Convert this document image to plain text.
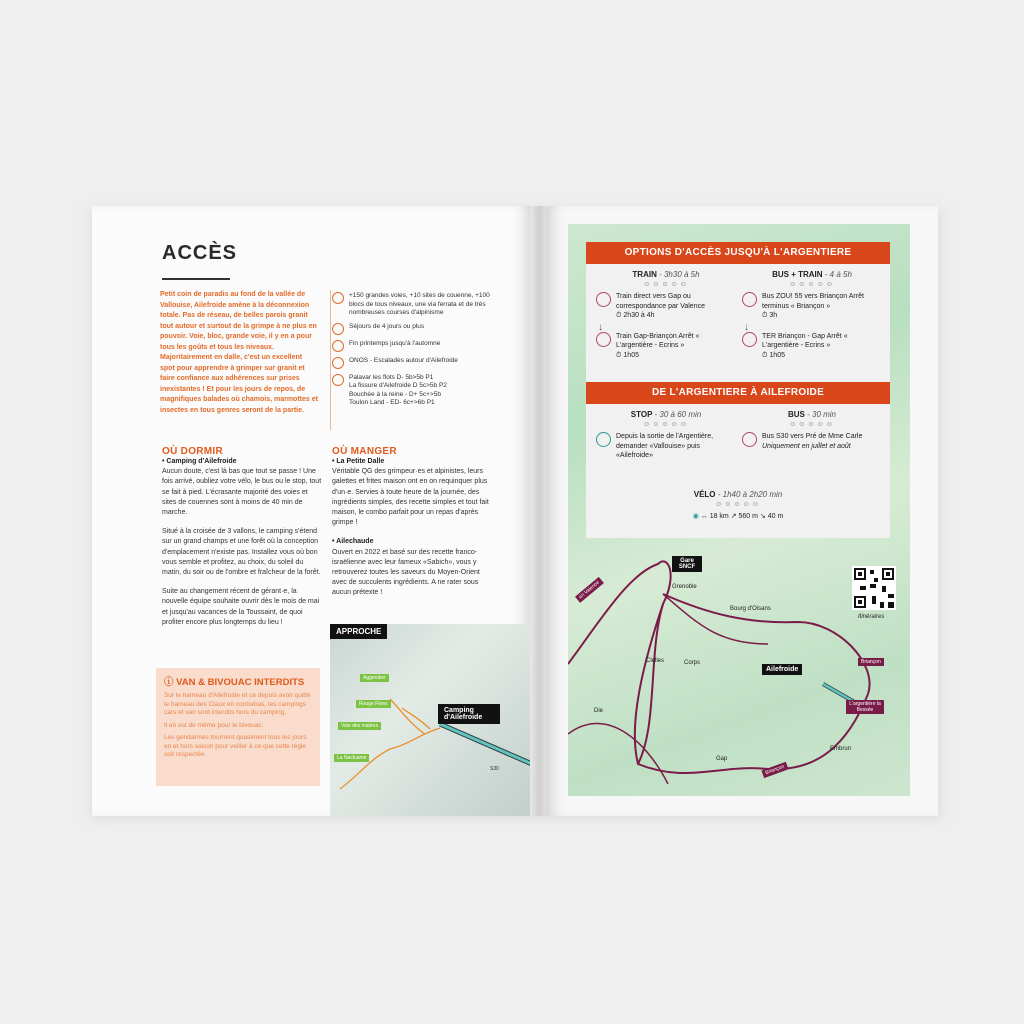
ACCÈS
Petit coin de paradis au fond de la vallée de Vallouise, Ailefroide amène à la déconnexion totale. Pas de réseau, de belles parois granit tout autour et surtout de la grimpe à ne plus en pouvoir. Voie, bloc, grande voie, il y en a pour tous les goûts et tous les niveaux. Majoritairement en dalle, c'est un excellent spot pour apprendre à grimper sur granit et faire confiance aux adhérences sur prises inexistantes ! Et pour les jours de repos, de magnifiques balades où chamois, marmottes et insectes en tous genres seront de la partie.
+150 grandes voies, +10 sites de couenne, +100 blocs de tous niveaux, une via ferrata et de très nombreuses courses d'alpinisme
Séjours de 4 jours ou plus
Fin printemps jusqu'à l'automne
ONOS - Escalades autour d'Ailefroide
Palavar les flots D- 5b>5b P1
La fissure d'Ailefroide D 5c>5b P2
Bouchée à la reine - D+ 5c+>5b
Toulon Land - ED- 6c+>6b P1
OÙ DORMIR
• Camping d'Ailefroide
Aucun doute, c'est là bas que tout se passe ! Une fois arrivé, oubliez votre vélo, le bus ou le stop, tout se fait à pied. L'écrasante majorité des voies et sites de couennes sont à moins de 40 min de marche.
Situé à la croisée de 3 vallons, le camping s'étend sur un grand champs et une forêt où la conception d'emplacement n'existe pas. Installez vous où bon vous semble et profitez, au choix, du soleil du matin, du soir ou de l'ombre et fraîcheur de la forêt.
Suite au changement récent de gérant·e, la nouvelle équipe souhaite ouvrir dès le mois de mai et jusqu'au vacances de la Toussaint, de quoi profiter encore plus longtemps du lieu !
OÙ MANGER
• La Petite Dalle
Véritable QG des grimpeur·es et alpinistes, leurs galettes et frites maison ont en on requinquer plus d'un·e. Servies à toute heure de la journée, des ingrédients simples, des recette simples et tout fait maison, le combo parfait pour un repas d'après grimpe !
• Ailechaude
Ouvert en 2022 et basé sur des recette franco-israëlienne avec leur fameux «Sabich», vous y retrouverez toutes les saveurs du Moyen-Orient avec de succulents ingrédients. A ne rater sous aucun prétexte !
ⓘ VAN & BIVOUAC INTERDITS
Sur le hameau d'Ailefroide et ce depuis avoir quitté le hameau des Claux en contrebas, les campings cars et van sont interdits hors du camping.
Il en est de même pour le bivouac.
Les gendarmes tournent quasiment tous les jours en et hors saison pour veiller à ce que cette règle soit respectée.
APPROCHE
Camping d'Ailefroide
Aggeniber
Rouge Rives
Voie des maitres
La Nacluame
S30
OPTIONS D'ACCÈS JUSQU'À L'ARGENTIERE
TRAIN - 3h30 à 5h
☺☺☺☺☺
Train direct vers Gap ou correspondance par Valence
⏱ 2h30 à 4h
↓
Train Gap-Briançon Arrêt « L'argentière - Ecrins »
⏱ 1h05
BUS + TRAIN - 4 à 5h
☺☺☺☺☺
Bus ZOU! 55 vers Briançon Arrêt terminus « Briançon »
⏱ 3h
↓
TER Briançon - Gap Arrêt « L'argentière - Ecrins »
⏱ 1h05
DE L'ARGENTIERE À AILEFROIDE
STOP - 30 à 60 min
☺☺☺☺☺
Depuis la sortie de l'Argentière, demander «Vallouise» puis «Ailefroide»
BUS - 30 min
☺☺☺☺☺
Bus S30 vers Pré de Mme Carle
Uniquement en juillet et août
VÉLO - 1h40 à 2h20 min
☺☺☺☺☺
◉ ↔ 18 km ↗ 560 m ↘ 40 m
Gare SNCF
Grenoble
Bourg d'Oisans
Ailefroide
Clelles	Corps
Die
Gap
Embrun
Briançon
L'argentière la Bessée
en Valence
Briançon
Itinéraires
